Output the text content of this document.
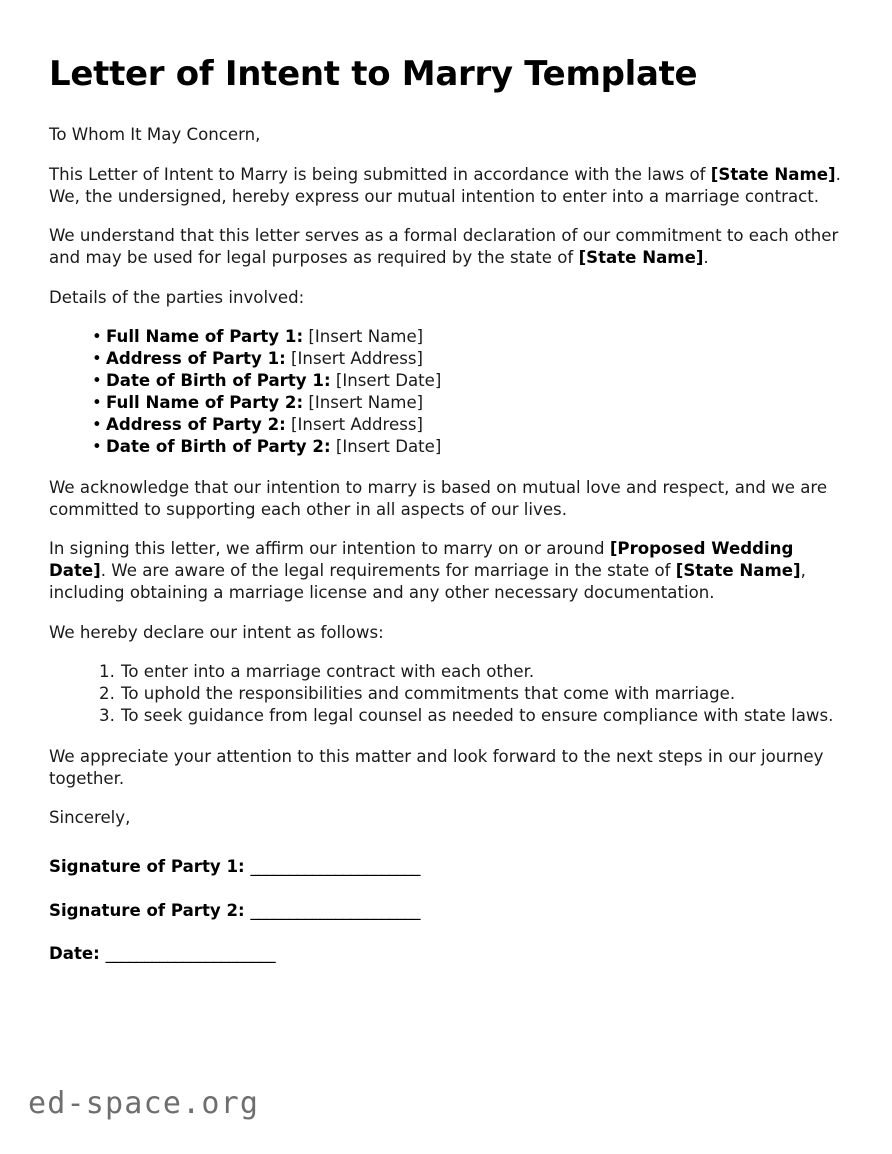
Letter of Intent to Marry Template

To Whom It May Concern,

This Letter of Intent to Marry is being submitted in accordance with the laws of [State Name]. We, the undersigned, hereby express our mutual intention to enter into a marriage contract.

We understand that this letter serves as a formal declaration of our commitment to each other and may be used for legal purposes as required by the state of [State Name].

Details of the parties involved:

• Full Name of Party 1: [Insert Name]
• Address of Party 1: [Insert Address]
• Date of Birth of Party 1: [Insert Date]
• Full Name of Party 2: [Insert Name]
• Address of Party 2: [Insert Address]
• Date of Birth of Party 2: [Insert Date]

We acknowledge that our intention to marry is based on mutual love and respect, and we are committed to supporting each other in all aspects of our lives.

In signing this letter, we affirm our intention to marry on or around [Proposed Wedding Date]. We are aware of the legal requirements for marriage in the state of [State Name], including obtaining a marriage license and any other necessary documentation.

We hereby declare our intent as follows:

To enter into a marriage contract with each other.
To uphold the responsibilities and commitments that come with marriage.
To seek guidance from legal counsel as needed to ensure compliance with state laws.

We appreciate your attention to this matter and look forward to the next steps in our journey together.

Sincerely,

Signature of Party 1: ______________________
Signature of Party 2: ______________________
Date: ______________________
ed-space.org
